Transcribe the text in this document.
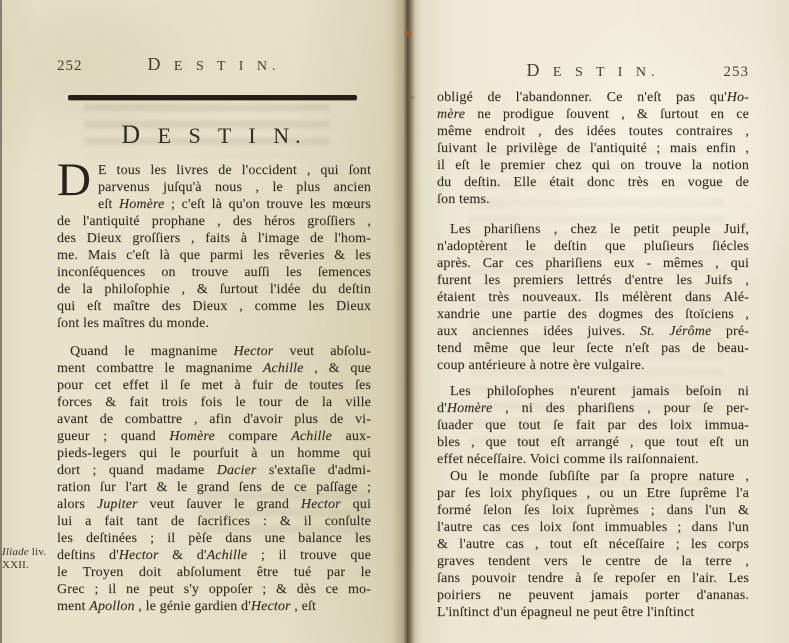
252	D E S T I N.
D E S T I N.
D E tous les livres de l'occident , qui ſont
parvenus juſqu'à nous , le plus ancien
eſt Homère ; c'eſt là qu'on trouve les mœurs
de l'antiquité prophane , des héros groſſiers ,
des Dieux groſſiers , faits à l'image de l'hom-
me. Mais c'eſt là que parmi les rêveries & les
inconſéquences on trouve auſſi les ſemences
de la philoſophie , & ſurtout l'idée du deſtin
qui eſt maître des Dieux , comme les Dieux
ſont les maîtres du monde.
Quand le magnanime Hector veut abſolu-
ment combattre le magnanime Achille , & que
pour cet effet il ſe met à fuir de toutes ſes
forces & fait trois fois le tour de la ville
avant de combattre , afin d'avoir plus de vi-
gueur ; quand Homère compare Achille aux-
pieds-legers qui le pourſuit à un homme qui
dort ; quand madame Dacier s'extaſie d'admi-
ration ſur l'art & le grand ſens de ce paſſage ;
alors Jupiter veut ſauver le grand Hector qui
lui a fait tant de ſacrifices : & il conſulte
les deſtinées ; il pèſe dans une balance les
deſtins d'Hector & d'Achille ; il trouve que
le Troyen doit abſolument être tué par le
Grec ; il ne peut s'y oppoſer ; & dès ce mo-
ment Apollon , le génie gardien d'Hector , eſt
Iliade liv.
XXII.
D E S T I N.	253
obligé de l'abandonner. Ce n'eſt pas qu'Ho-
mère ne prodigue ſouvent , & ſurtout en ce
même endroit , des idées toutes contraires ,
ſuivant le privilège de l'antiquité ; mais enfin ,
il eſt le premier chez qui on trouve la notion
du deſtin. Elle était donc très en vogue de
ſon tems.
Les phariſiens , chez le petit peuple Juif,
n'adoptèrent le deſtin que pluſieurs ſiécles
après. Car ces phariſiens eux - mêmes , qui
furent les premiers lettrés d'entre les Juifs ,
étaient très nouveaux. Ils mélèrent dans Alé-
xandrie une partie des dogmes des ſtoïciens ,
aux anciennes idées juives. St. Jérôme pré-
tend même que leur ſecte n'eſt pas de beau-
coup antérieure à notre ère vulgaire.
Les philoſophes n'eurent jamais beſoin ni
d'Homère , ni des phariſiens , pour ſe per-
ſuader que tout ſe fait par des loix immua-
bles , que tout eſt arrangé , que tout eſt un
effet néceſſaire. Voici comme ils raiſonnaient.
Ou le monde ſubſiſte par ſa propre nature ,
par ſes loix phyſiques , ou un Etre ſuprême l'a
formé ſelon ſes loix ſuprèmes ; dans l'un &
l'autre cas ces loix ſont immuables ; dans l'un
& l'autre cas , tout eſt néceſſaire ; les corps
graves tendent vers le centre de la terre ,
ſans pouvoir tendre à ſe repoſer en l'air. Les
poiriers ne peuvent jamais porter d'ananas.
L'inſtinct d'un épagneul ne peut être l'inſtinct
